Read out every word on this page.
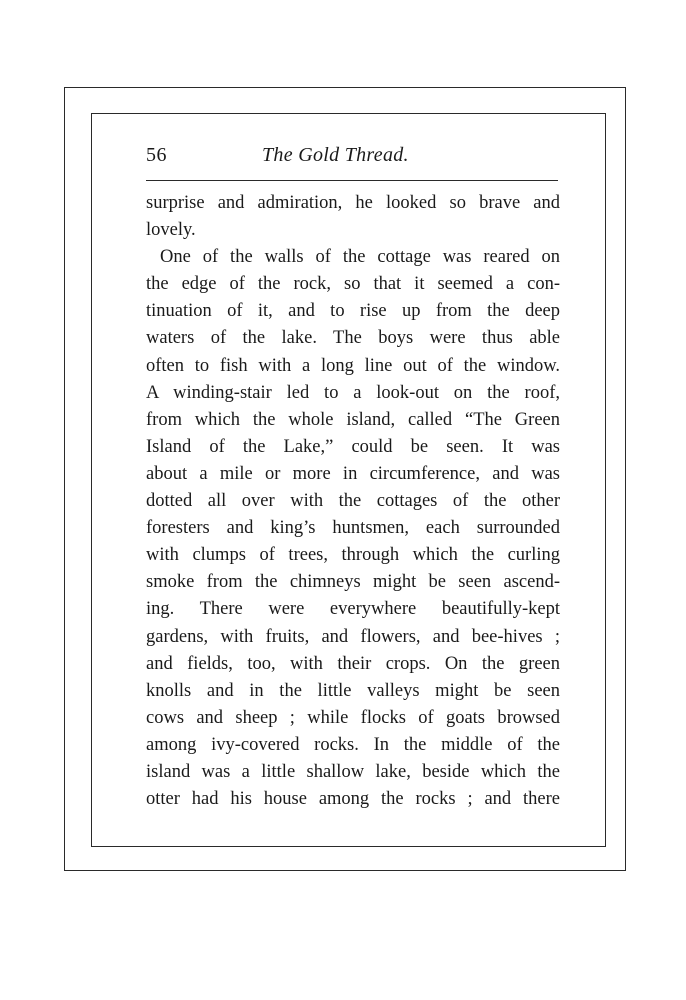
56	The Gold Thread.
surprise and admiration, he looked so brave and
lovely.
One of the walls of the cottage was reared on
the edge of the rock, so that it seemed a con-
tinuation of it, and to rise up from the deep
waters of the lake. The boys were thus able
often to fish with a long line out of the window.
A winding-stair led to a look-out on the roof,
from which the whole island, called “The Green
Island of the Lake,” could be seen. It was
about a mile or more in circumference, and was
dotted all over with the cottages of the other
foresters and king’s huntsmen, each surrounded
with clumps of trees, through which the curling
smoke from the chimneys might be seen ascend-
ing. There were everywhere beautifully-kept
gardens, with fruits, and flowers, and bee-hives ;
and fields, too, with their crops. On the green
knolls and in the little valleys might be seen
cows and sheep ; while flocks of goats browsed
among ivy-covered rocks. In the middle of the
island was a little shallow lake, beside which the
otter had his house among the rocks ; and there
